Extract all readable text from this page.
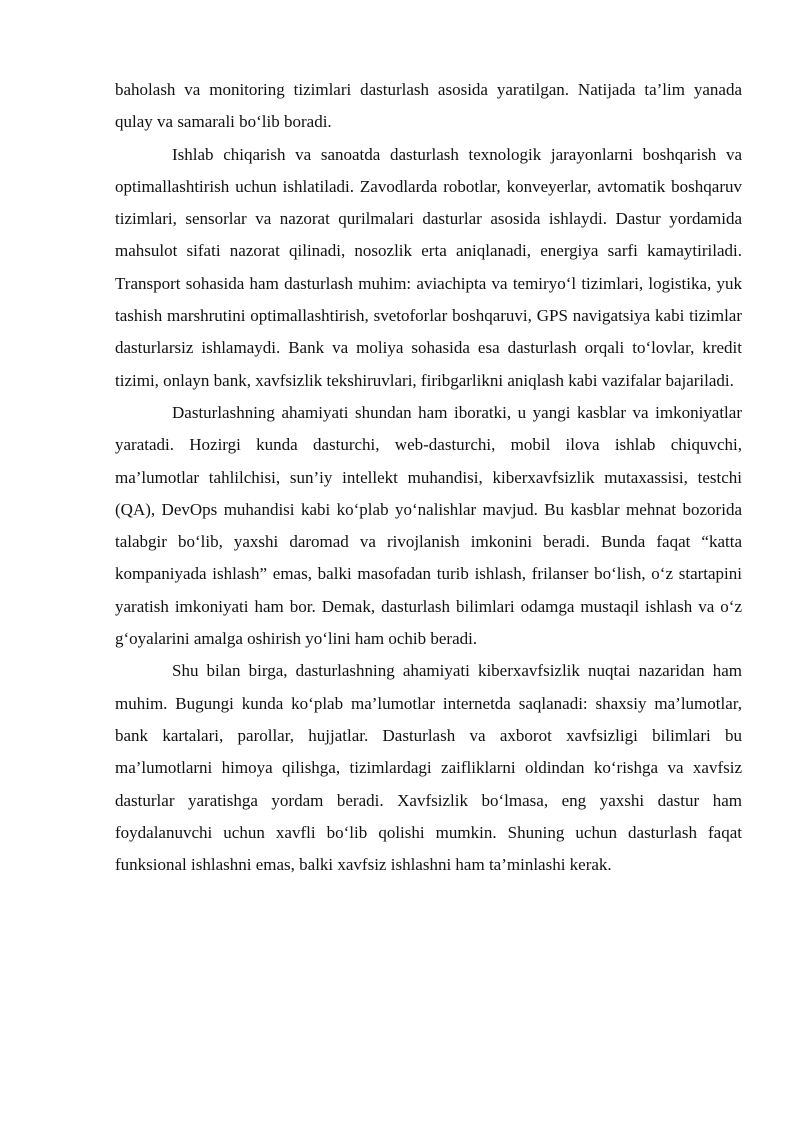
baholash va monitoring tizimlari dasturlash asosida yaratilgan. Natijada ta’lim yanada qulay va samarali bo‘lib boradi.

Ishlab chiqarish va sanoatda dasturlash texnologik jarayonlarni boshqarish va optimallashtirish uchun ishlatiladi. Zavodlarda robotlar, konveyerlar, avtomatik boshqaruv tizimlari, sensorlar va nazorat qurilmalari dasturlar asosida ishlaydi. Dastur yordamida mahsulot sifati nazorat qilinadi, nosozlik erta aniqlanadi, energiya sarfi kamaytiriladi. Transport sohasida ham dasturlash muhim: aviachipta va temiryo‘l tizimlari, logistika, yuk tashish marshrutini optimallashtirish, svetoforlar boshqaruvi, GPS navigatsiya kabi tizimlar dasturlarsiz ishlamaydi. Bank va moliya sohasida esa dasturlash orqali to‘lovlar, kredit tizimi, onlayn bank, xavfsizlik tekshiruvlari, firibgarlikni aniqlash kabi vazifalar bajariladi.

Dasturlashning ahamiyati shundan ham iboratki, u yangi kasblar va imkoniyatlar yaratadi. Hozirgi kunda dasturchi, web-dasturchi, mobil ilova ishlab chiquvchi, ma’lumotlar tahlilchisi, sun’iy intellekt muhandisi, kiberxavfsizlik mutaxassisi, testchi (QA), DevOps muhandisi kabi ko‘plab yo‘nalishlar mavjud. Bu kasblar mehnat bozorida talabgir bo‘lib, yaxshi daromad va rivojlanish imkonini beradi. Bunda faqat “katta kompaniyada ishlash” emas, balki masofadan turib ishlash, frilanser bo‘lish, o‘z startapini yaratish imkoniyati ham bor. Demak, dasturlash bilimlari odamga mustaqil ishlash va o‘z g‘oyalarini amalga oshirish yo‘lini ham ochib beradi.

Shu bilan birga, dasturlashning ahamiyati kiberxavfsizlik nuqtai nazaridan ham muhim. Bugungi kunda ko‘plab ma’lumotlar internetda saqlanadi: shaxsiy ma’lumotlar, bank kartalari, parollar, hujjatlar. Dasturlash va axborot xavfsizligi bilimlari bu ma’lumotlarni himoya qilishga, tizimlardagi zaifliklarni oldindan ko‘rishga va xavfsiz dasturlar yaratishga yordam beradi. Xavfsizlik bo‘lmasa, eng yaxshi dastur ham foydalanuvchi uchun xavfli bo‘lib qolishi mumkin. Shuning uchun dasturlash faqat funksional ishlashni emas, balki xavfsiz ishlashni ham ta’minlashi kerak.
